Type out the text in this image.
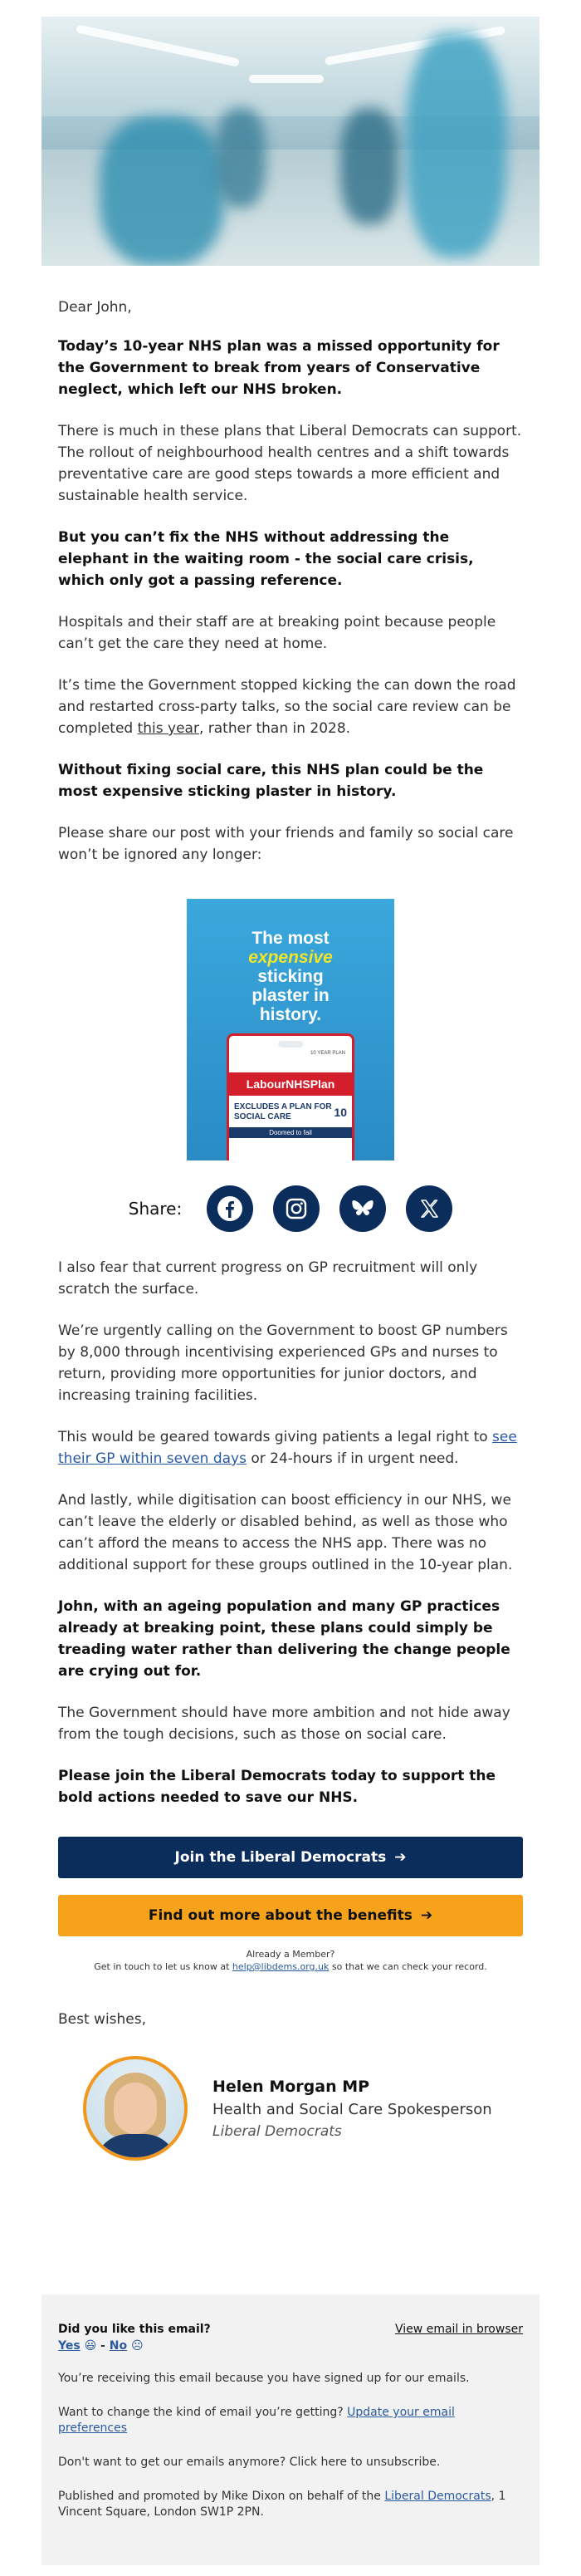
Dear John,
Today’s 10-year NHS plan was a missed opportunity for the Government to break from years of Conservative neglect, which left our NHS broken.
There is much in these plans that Liberal Democrats can support. The rollout of neighbourhood health centres and a shift towards preventative care are good steps towards a more efficient and sustainable health service.
But you can’t fix the NHS without addressing the elephant in the waiting room - the social care crisis, which only got a passing reference.
Hospitals and their staff are at breaking point because people can’t get the care they need at home.
It’s time the Government stopped kicking the can down the road and restarted cross-party talks, so the social care review can be completed this year, rather than in 2028.
Without fixing social care, this NHS plan could be the most expensive sticking plaster in history.
Please share our post with your friends and family so social care won’t be ignored any longer:
The most
expensive
sticking
plaster in
history.
10 YEAR PLAN
LabourNHSPlan
EXCLUDES A PLAN FOR SOCIAL CARE	10
Doomed to fail
Share:
I also fear that current progress on GP recruitment will only scratch the surface.
We’re urgently calling on the Government to boost GP numbers by 8,000 through incentivising experienced GPs and nurses to return, providing more opportunities for junior doctors, and increasing training facilities.
This would be geared towards giving patients a legal right to see their GP within seven days or 24-hours if in urgent need.
And lastly, while digitisation can boost efficiency in our NHS, we can’t leave the elderly or disabled behind, as well as those who can’t afford the means to access the NHS app. There was no additional support for these groups outlined in the 10-year plan.
John, with an ageing population and many GP practices already at breaking point, these plans could simply be treading water rather than delivering the change people are crying out for.
The Government should have more ambition and not hide away from the tough decisions, such as those on social care.
Please join the Liberal Democrats today to support the bold actions needed to save our NHS.
Join the Liberal Democrats ➔
Find out more about the benefits ➔
Already a Member?
Get in touch to let us know at help@libdems.org.uk so that we can check your record.
Best wishes,
Helen Morgan MP
Health and Social Care Spokesperson
Liberal Democrats
Did you like this email?	View email in browser
Yes 😃 - No ☹
You’re receiving this email because you have signed up for our emails.
Want to change the kind of email you’re getting? Update your email preferences
Don't want to get our emails anymore? Click here to unsubscribe.
Published and promoted by Mike Dixon on behalf of the Liberal Democrats, 1 Vincent Square, London SW1P 2PN.
